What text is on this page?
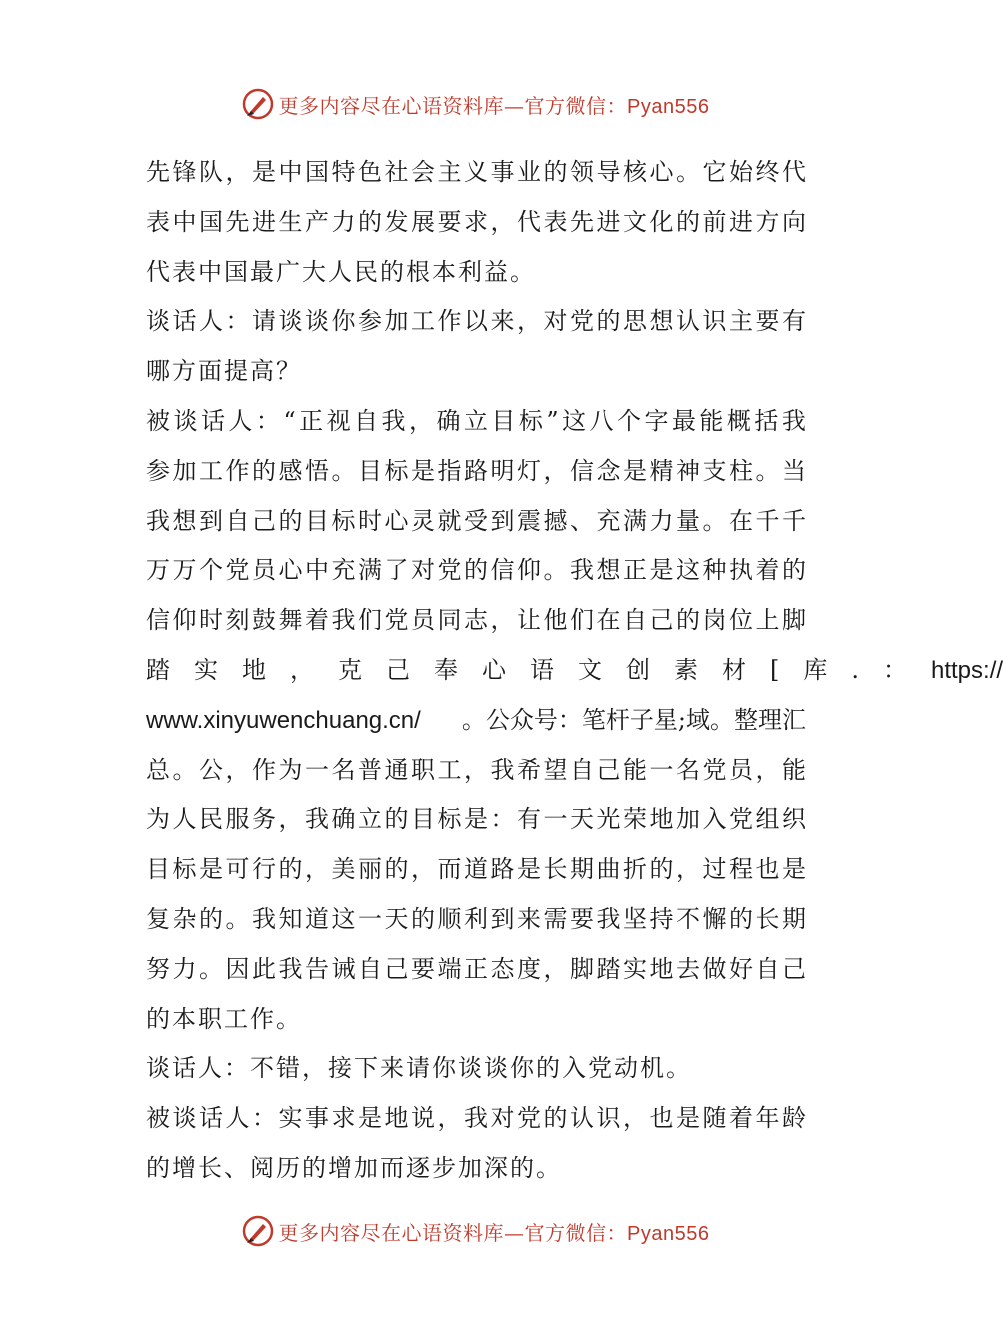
更多内容尽在心语资料库—官方微信：Pyan556
先 锋 队 ， 是 中 国 特 色 社 会 主 义 事 业 的 领 导 核 心 。 它 始 终 代
表 中 国 先 进 生 产 力 的 发 展 要 求 ， 代 表 先 进 文 化 的 前 进 方 向
代表中国最广大人民的根本利益。
谈 话 人 ： 请 谈 谈 你 参 加 工 作 以 来 ， 对 党 的 思 想 认 识 主 要 有
哪方面提高？
被 谈 话 人 ： “ 正 视 自 我 ， 确 立 目 标 ” 这 八 个 字 最 能 概 括 我
参 加 工 作 的 感 悟 。 目 标 是 指 路 明 灯 ， 信 念 是 精 神 支 柱 。 当
我 想 到 自 己 的 目 标 时 心 灵 就 受 到 震 撼 、 充 满 力 量 。 在 千 千
万 万 个 党 员 心 中 充 满 了 对 党 的 信 仰 。 我 想 正 是 这 种 执 着 的
信 仰 时 刻 鼓 舞 着 我 们 党 员 同 志 ， 让 他 们 在 自 己 的 岗 位 上 脚
踏实地，克己奉心语文创素材[库.： https://
www.xinyuwenchuang.cn/ 。公众号：笔杆子星;域。整理汇
总 。 公 ， 作 为 一 名 普 通 职 工 ， 我 希 望 自 己 能 一 名 党 员 ， 能
为 人 民 服 务 ， 我 确 立 的 目 标 是 ： 有 一 天 光 荣 地 加 入 党 组 织
目 标 是 可 行 的 ， 美 丽 的 ， 而 道 路 是 长 期 曲 折 的 ， 过 程 也 是
复 杂 的 。 我 知 道 这 一 天 的 顺 利 到 来 需 要 我 坚 持 不 懈 的 长 期
努 力 。 因 此 我 告 诫 自 己 要 端 正 态 度 ， 脚 踏 实 地 去 做 好 自 己
的本职工作。
谈话人：不错，接下来请你谈谈你的入党动机。
被 谈 话 人 ： 实 事 求 是 地 说 ， 我 对 党 的 认 识 ， 也 是 随 着 年 龄
的增长、阅历的增加而逐步加深的。
更多内容尽在心语资料库—官方微信：Pyan556
